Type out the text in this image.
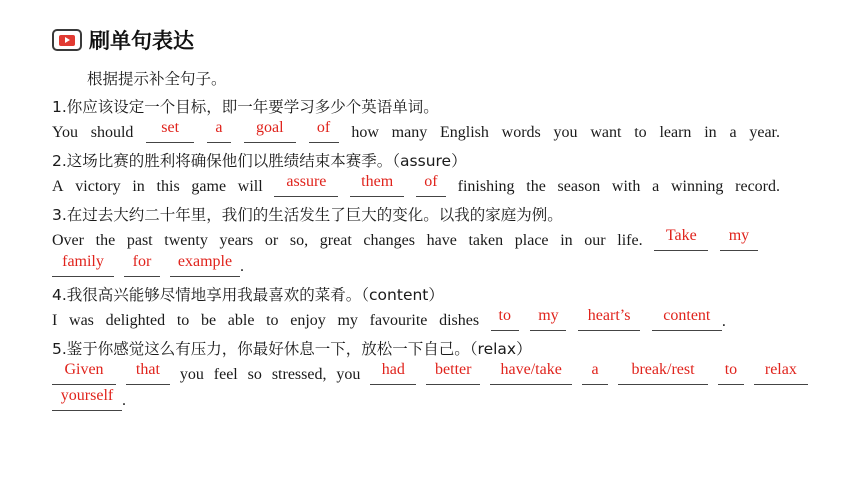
刷单句表达
根据提示补全句子。
1.你应该设定一个目标，即一年要学习多少个英语单词。
You should	set	a	goal	of	how many English words you want to learn in a year.
2.这场比赛的胜利将确保他们以胜绩结束本赛季。（assure）
A victory in this game will	assure	them	of	finishing the season with a winning record.
3.在过去大约二十年里，我们的生活发生了巨大的变化。以我的家庭为例。
Over the past twenty years or so, great changes have taken place in our life.	Take	my
family for example .
4.我很高兴能够尽情地享用我最喜欢的菜肴。（content）
I was delighted to be able to enjoy my favourite dishes	to	my	heart’s	content .
5.鉴于你感觉这么有压力，你最好休息一下，放松一下自己。（relax）
Given	that	you feel so stressed, you	had	better	have/take	a	break/rest	to	relax
yourself .
